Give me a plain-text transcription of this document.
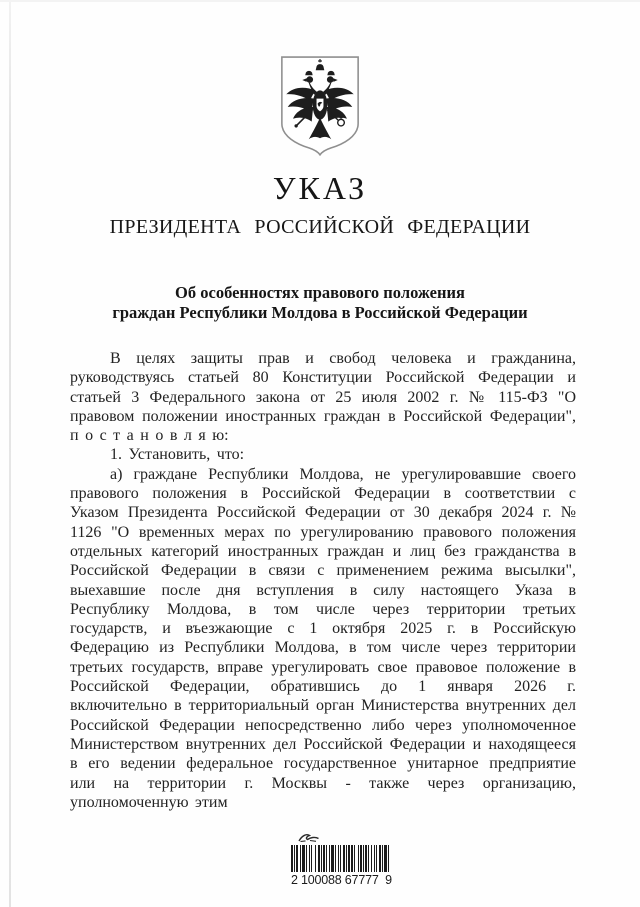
УКАЗ
ПРЕЗИДЕНТА РОССИЙСКОЙ ФЕДЕРАЦИИ
Об особенностях правового положения
граждан Республики Молдова в Российской Федерации

В целях защиты прав и свобод человека и гражданина, руководствуясь статьей 80 Конституции Российской Федерации и статьей 3 Федерального закона от 25 июля 2002 г. № 115-ФЗ "О правовом положении иностранных граждан в Российской Федерации", п о с т а н о в л я ю:

1. Установить, что:

а) граждане Республики Молдова, не урегулировавшие своего правового положения в Российской Федерации в соответствии с Указом Президента Российской Федерации от 30 декабря 2024 г. № 1126 "О временных мерах по урегулированию правового положения отдельных категорий иностранных граждан и лиц без гражданства в Российской Федерации в связи с применением режима высылки", выехавшие после дня вступления в силу настоящего Указа в Республику Молдова, в том числе через территории третьих государств, и въезжающие с 1 октября 2025 г. в Российскую Федерацию из Республики Молдова, в том числе через территории третьих государств, вправе урегулировать свое правовое положение в Российской Федерации, обратившись до 1 января 2026 г. включительно в территориальный орган Министерства внутренних дел Российской Федерации непосредственно либо через уполномоченное Министерством внутренних дел Российской Федерации и находящееся в его ведении федеральное государственное унитарное предприятие или на территории г. Москвы - также через организацию, уполномоченную этим

2 100088 67777  9
